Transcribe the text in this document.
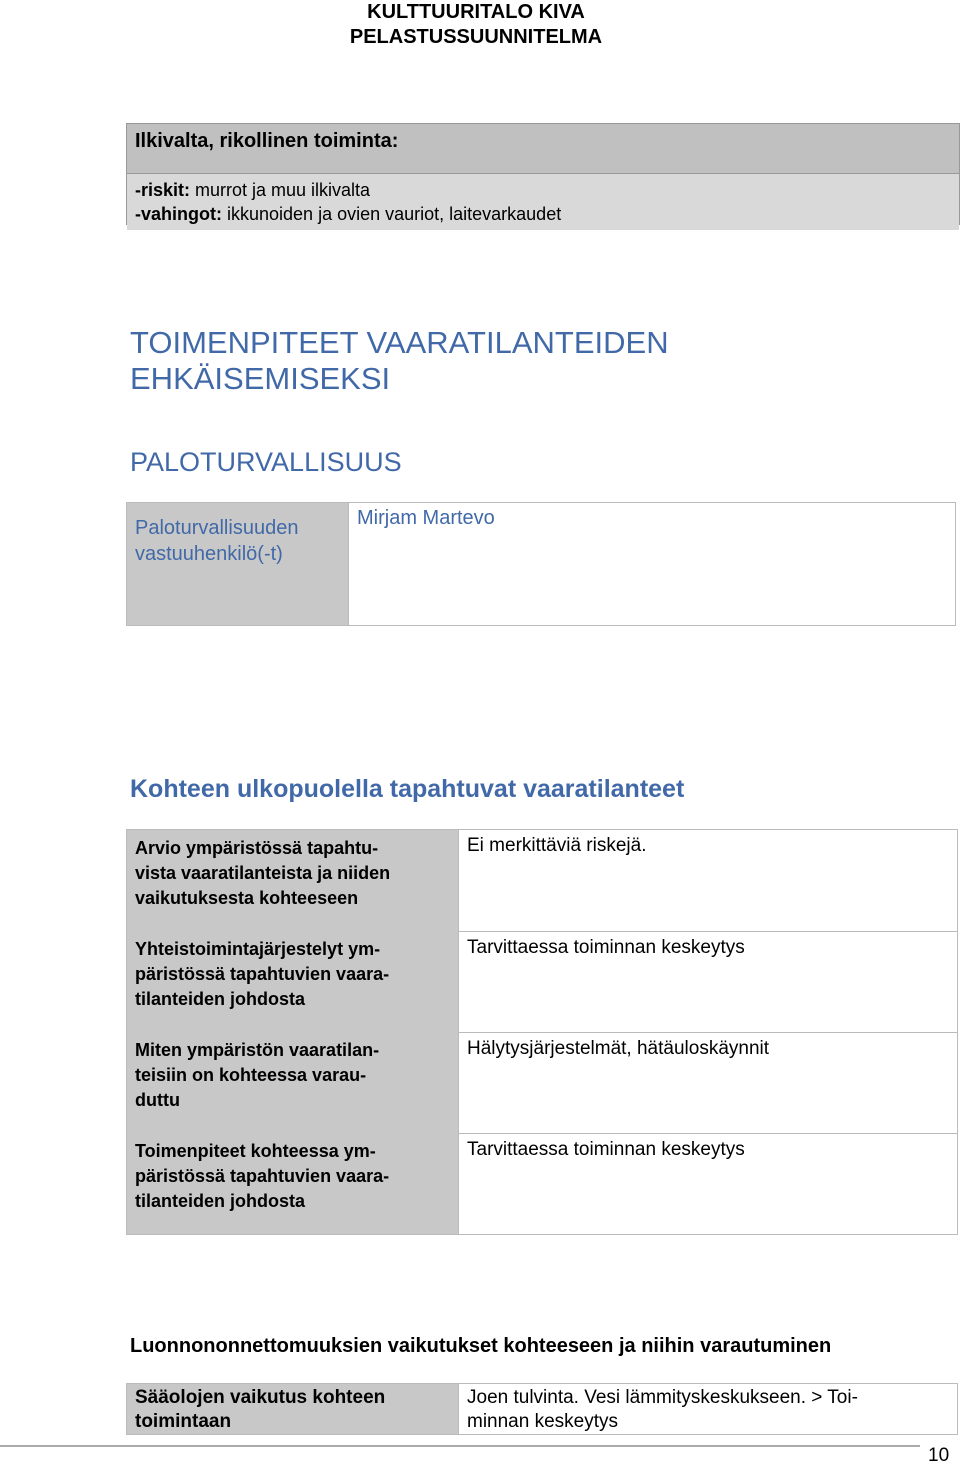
KULTTUURITALO KIVA
PELASTUSSUUNNITELMA
Ilkivalta, rikollinen toiminta:
-riskit: murrot ja muu ilkivalta
-vahingot: ikkunoiden ja ovien vauriot, laitevarkaudet
TOIMENPITEET VAARATILANTEIDEN
EHKÄISEMISEKSI
PALOTURVALLISUUS
Paloturvallisuuden
vastuuhenkilö(-t)
Mirjam Martevo
Kohteen ulkopuolella tapahtuvat vaaratilanteet
Arvio ympäristössä tapahtu-
vista vaaratilanteista ja niiden
vaikutuksesta kohteeseen
Ei merkittäviä riskejä.
Yhteistoimintajärjestelyt ym-
päristössä tapahtuvien vaara-
tilanteiden johdosta
Tarvittaessa toiminnan keskeytys
Miten ympäristön vaaratilan-
teisiin on kohteessa varau-
duttu
Hälytysjärjestelmät, hätäuloskäynnit
Toimenpiteet kohteessa ym-
päristössä tapahtuvien vaara-
tilanteiden johdosta
Tarvittaessa toiminnan keskeytys
Luonnononnettomuuksien vaikutukset kohteeseen ja niihin varautuminen
Sääolojen vaikutus kohteen
toimintaan
Joen tulvinta. Vesi lämmityskeskukseen. > Toi-
minnan keskeytys
10
